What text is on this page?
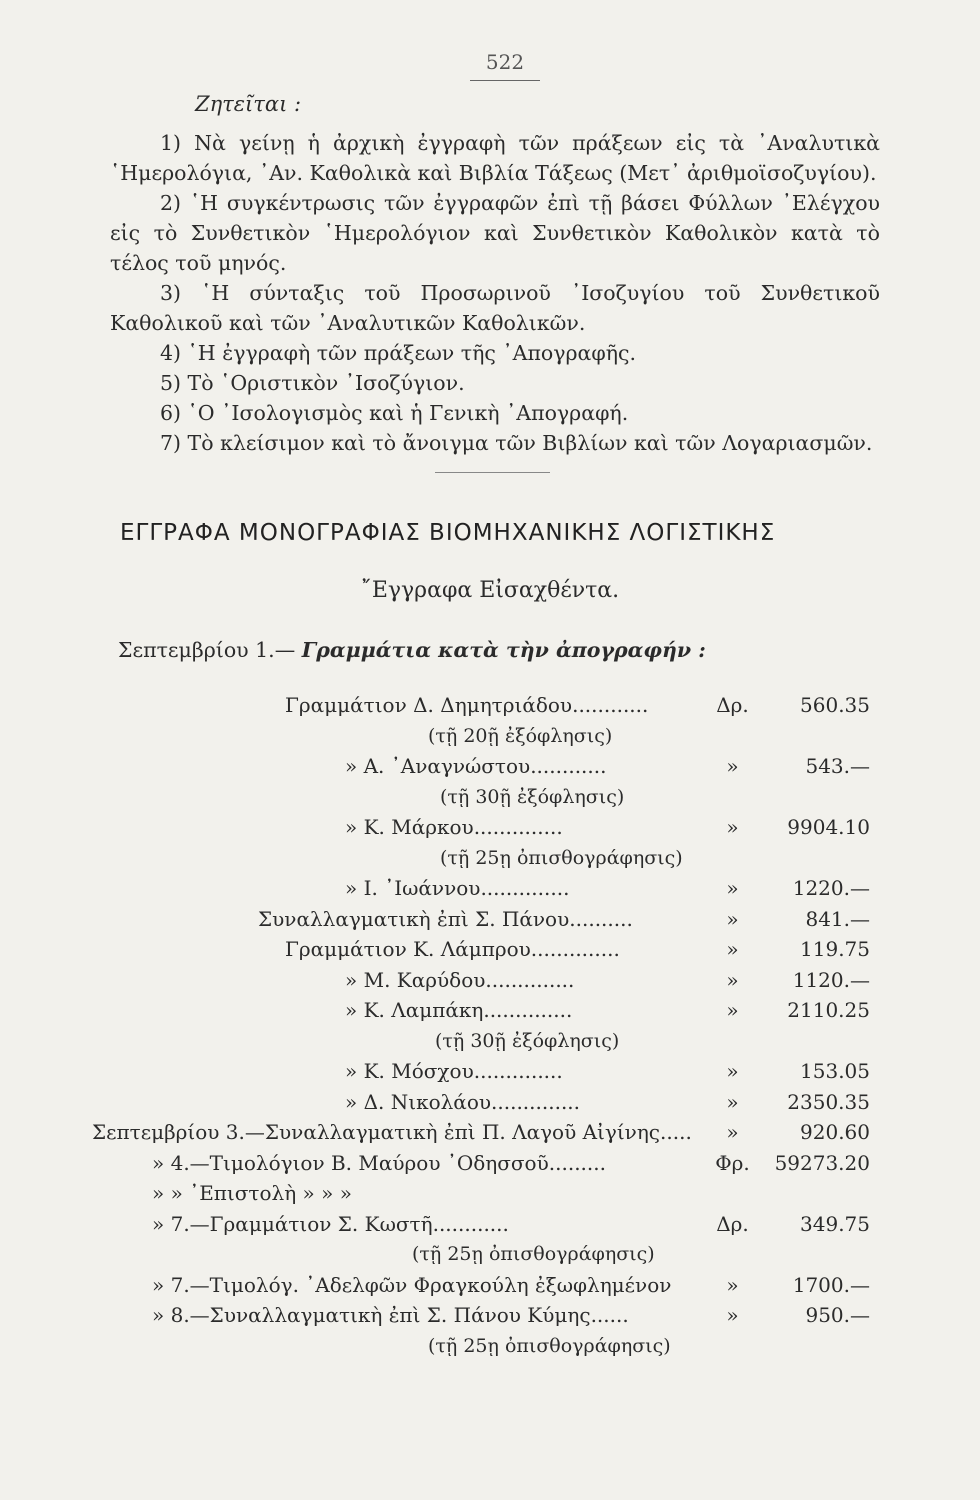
522
Ζητεῖται :

1) Νὰ γείνῃ ἡ ἀρχικὴ ἐγγραφὴ τῶν πράξεων εἰς τὰ ᾿Αναλυτικὰ ῾Ημερολόγια, ᾿Αν. Καθολικὰ καὶ Βιβλία Τάξεως (Μετ᾿ ἀριθμοϊσοζυγίου).

2) ῾Η συγκέντρωσις τῶν ἐγγραφῶν ἐπὶ τῇ βάσει Φύλλων ᾿Ελέγχου εἰς τὸ Συνθετικὸν ῾Ημερολόγιον καὶ Συνθετικὸν Καθολικὸν κατὰ τὸ τέλος τοῦ μηνός.

3) ῾Η σύνταξις τοῦ Προσωρινοῦ ᾿Ισοζυγίου τοῦ Συνθετικοῦ Καθολικοῦ καὶ τῶν ᾿Αναλυτικῶν Καθολικῶν.

4) ῾Η ἐγγραφὴ τῶν πράξεων τῆς ᾿Απογραφῆς.

5) Τὸ ῾Οριστικὸν ᾿Ισοζύγιον.

6) ῾Ο ᾿Ισολογισμὸς καὶ ἡ Γενικὴ ᾿Απογραφή.

7) Τὸ κλείσιμον καὶ τὸ ἄνοιγμα τῶν Βιβλίων καὶ τῶν Λογαριασμῶν.

ΕΓΓΡΑΦΑ ΜΟΝΟΓΡΑΦΙΑΣ ΒΙΟΜΗΧΑΝΙΚΗΣ ΛΟΓΙΣΤΙΚΗΣ
῎Εγγραφα Εἰσαχθέντα.
Σεπτεμβρίου 1.— Γραμμάτια κατὰ τὴν ἀπογραφήν :
Γραμμάτιον Δ. Δημητριάδου............	Δρ.	560.35
(τῇ 20ῇ ἐξόφλησις)
» Α. ᾿Αναγνώστου............	»	543.—
(τῇ 30ῇ ἐξόφλησις)
» Κ. Μάρκου..............	»	9904.10
(τῇ 25ῃ ὀπισθογράφησις)
» Ι. ᾿Ιωάννου..............	»	1220.—
Συναλλαγματικὴ ἐπὶ Σ. Πάνου..........	»	841.—
Γραμμάτιον Κ. Λάμπρου..............	»	119.75
» Μ. Καρύδου..............	»	1120.—
» Κ. Λαμπάκη..............	»	2110.25
(τῇ 30ῇ ἐξόφλησις)
» Κ. Μόσχου..............	»	153.05
» Δ. Νικολάου..............	»	2350.35
Σεπτεμβρίου 3.—Συναλλαγματικὴ ἐπὶ Π. Λαγοῦ Αἰγίνης.....	»	920.60
» 4.—Τιμολόγιον Β. Μαύρου ᾿Οδησσοῦ.........	Φρ.	59273.20
» » ᾿Επιστολὴ » » »
» 7.—Γραμμάτιον Σ. Κωστῆ............	Δρ.	349.75
(τῇ 25ῃ ὀπισθογράφησις)
» 7.—Τιμολόγ. ᾿Αδελφῶν Φραγκούλη ἐξωφλημένον	»	1700.—
» 8.—Συναλλαγματικὴ ἐπὶ Σ. Πάνου Κύμης......	»	950.—
(τῇ 25ῃ ὀπισθογράφησις)
